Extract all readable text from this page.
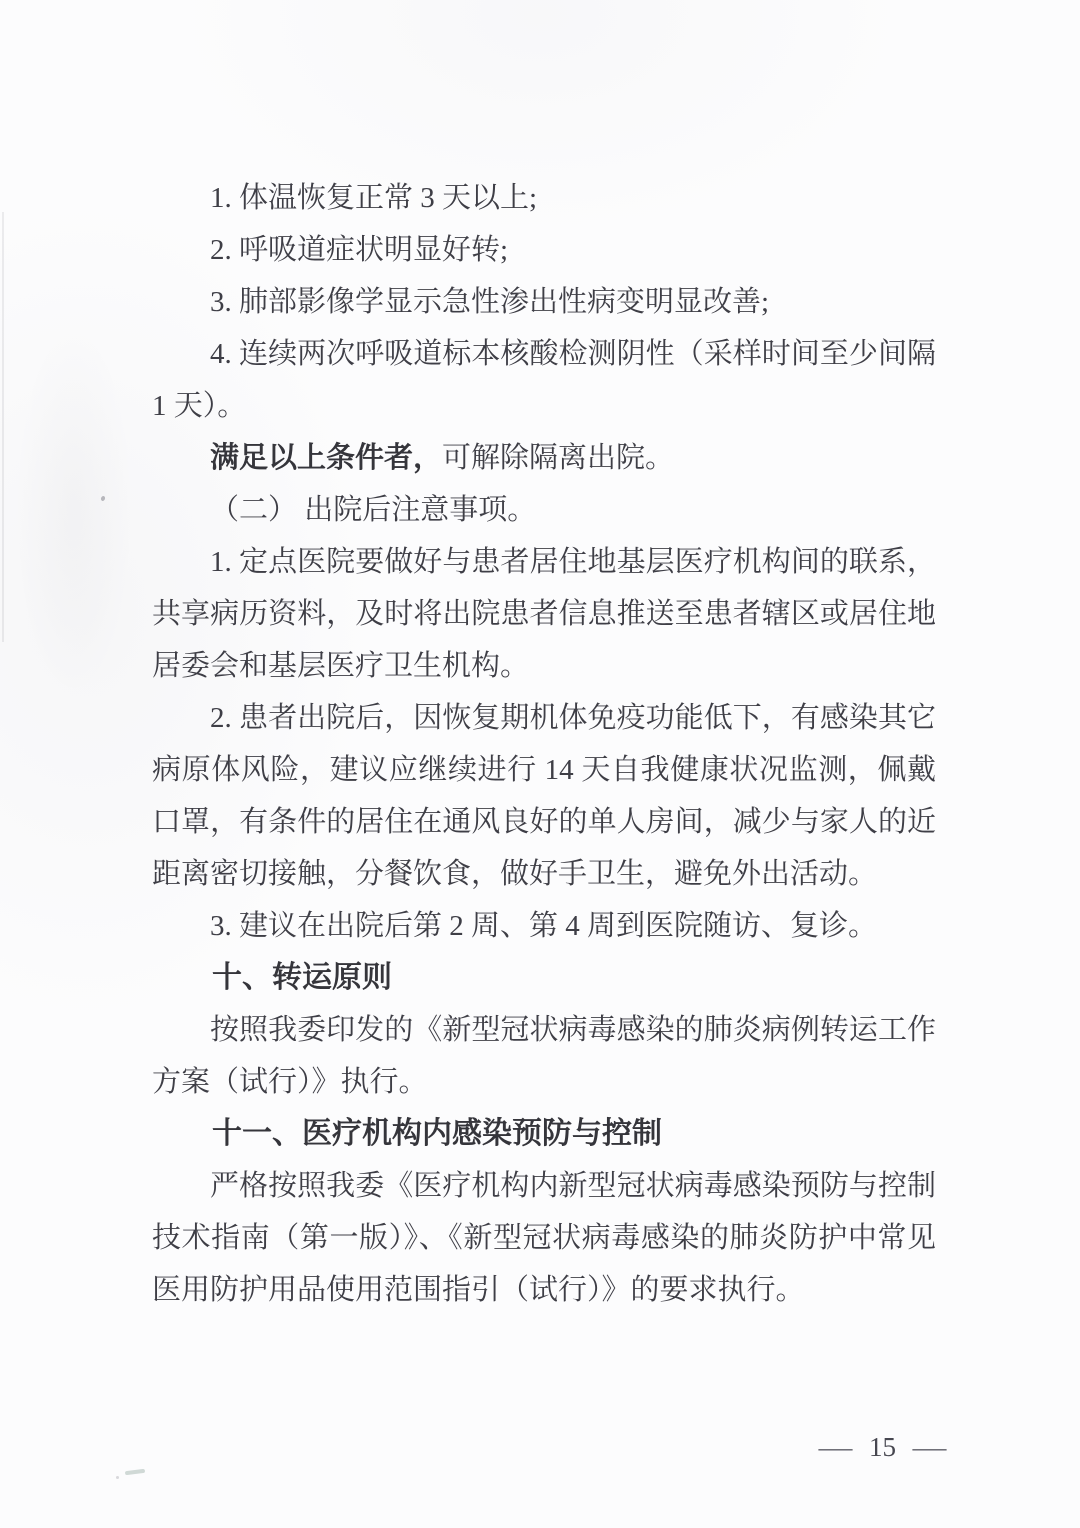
1. 体温恢复正常 3 天以上;

2. 呼吸道症状明显好转;

3. 肺部影像学显示急性渗出性病变明显改善;

4. 连续两次呼吸道标本核酸检测阴性（采样时间至少间隔 1 天）。

满足以上条件者，可解除隔离出院。

（二） 出院后注意事项。

1. 定点医院要做好与患者居住地基层医疗机构间的联系，共享病历资料，及时将出院患者信息推送至患者辖区或居住地居委会和基层医疗卫生机构。

2. 患者出院后，因恢复期机体免疫功能低下，有感染其它病原体风险，建议应继续进行 14 天自我健康状况监测，佩戴口罩，有条件的居住在通风良好的单人房间，减少与家人的近距离密切接触，分餐饮食，做好手卫生，避免外出活动。

3. 建议在出院后第 2 周、第 4 周到医院随访、复诊。

十、转运原则

按照我委印发的《新型冠状病毒感染的肺炎病例转运工作方案（试行）》执行。

十一、医疗机构内感染预防与控制

严格按照我委《医疗机构内新型冠状病毒感染预防与控制技术指南（第一版）》、《新型冠状病毒感染的肺炎防护中常见医用防护用品使用范围指引（试行）》的要求执行。

— 15 —
